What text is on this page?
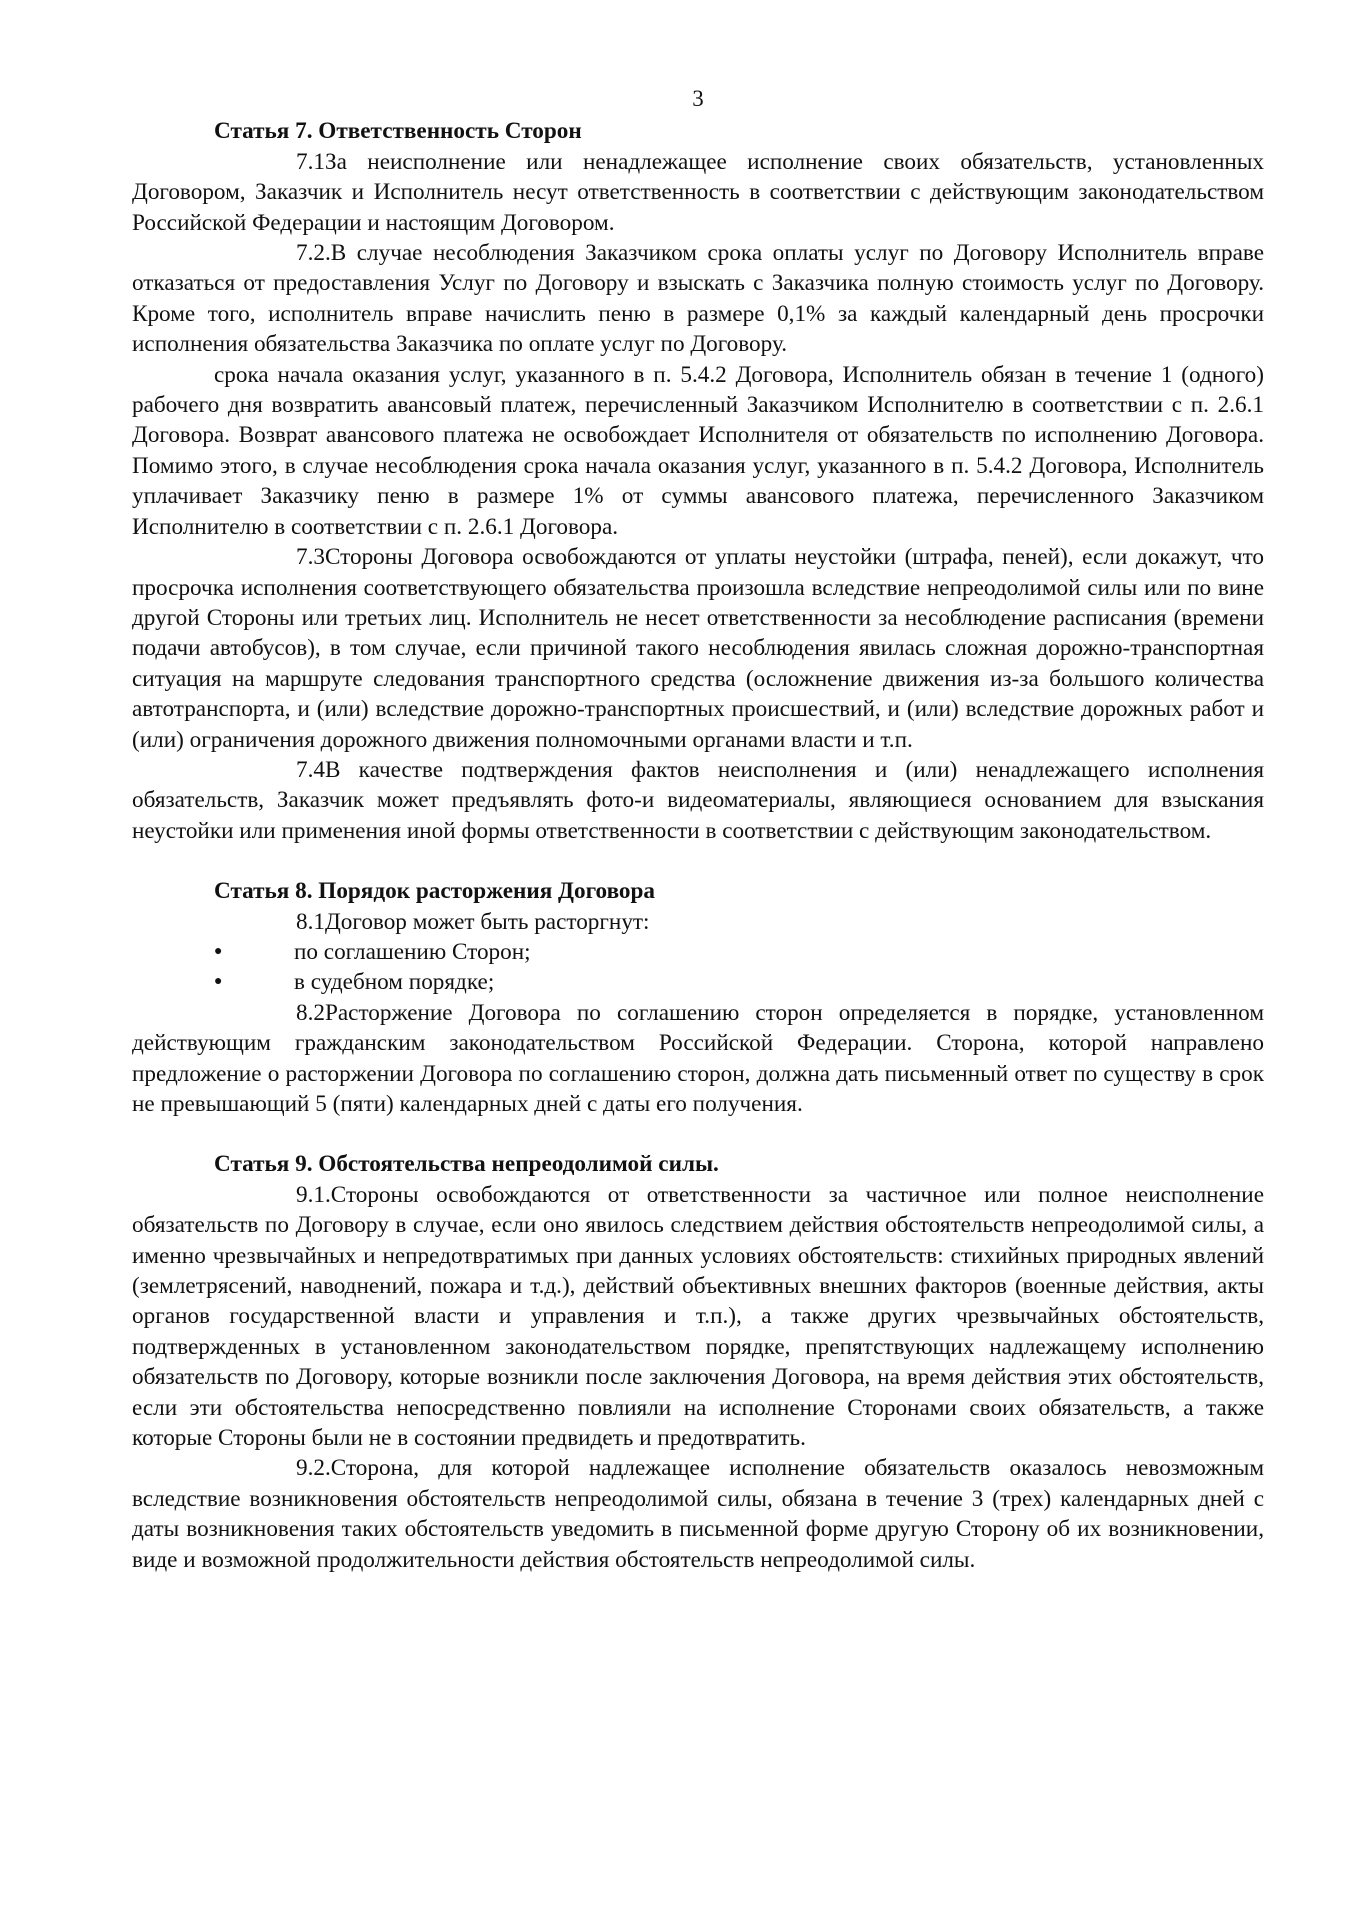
3

Статья 7. Ответственность Сторон

7.1За неисполнение или ненадлежащее исполнение своих обязательств, установленных Договором, Заказчик и Исполнитель несут ответственность в соответствии с действующим законодательством Российской Федерации и настоящим Договором.

7.2.В случае несоблюдения Заказчиком срока оплаты услуг по Договору Исполнитель вправе отказаться от предоставления Услуг по Договору и взыскать с Заказчика полную стоимость услуг по Договору. Кроме того, исполнитель вправе начислить пеню в размере 0,1% за каждый календарный день просрочки исполнения обязательства Заказчика по оплате услуг по Договору.

срока начала оказания услуг, указанного в п. 5.4.2 Договора, Исполнитель обязан в течение 1 (одного) рабочего дня возвратить авансовый платеж, перечисленный Заказчиком Исполнителю в соответствии с п. 2.6.1 Договора. Возврат авансового платежа не освобождает Исполнителя от обязательств по исполнению Договора. Помимо этого, в случае несоблюдения срока начала оказания услуг, указанного в п. 5.4.2 Договора, Исполнитель уплачивает Заказчику пеню в размере 1% от суммы авансового платежа, перечисленного Заказчиком Исполнителю в соответствии с п. 2.6.1 Договора.

7.3Стороны Договора освобождаются от уплаты неустойки (штрафа, пеней), если докажут, что просрочка исполнения соответствующего обязательства произошла вследствие непреодолимой силы или по вине другой Стороны или третьих лиц. Исполнитель не несет ответственности за несоблюдение расписания (времени подачи автобусов), в том случае, если причиной такого несоблюдения явилась сложная дорожно-транспортная ситуация на маршруте следования транспортного средства (осложнение движения из-за большого количества автотранспорта, и (или) вследствие дорожно-транспортных происшествий, и (или) вследствие дорожных работ и (или) ограничения дорожного движения полномочными органами власти и т.п.

7.4В качестве подтверждения фактов неисполнения и (или) ненадлежащего исполнения обязательств, Заказчик может предъявлять фото-и видеоматериалы, являющиеся основанием для взыскания неустойки или применения иной формы ответственности в соответствии с действующим законодательством.

Статья 8. Порядок расторжения Договора

8.1Договор может быть расторгнут:

●	по соглашению Сторон;
●	в судебном порядке;

8.2Расторжение Договора по соглашению сторон определяется в порядке, установленном действующим гражданским законодательством Российской Федерации. Сторона, которой направлено предложение о расторжении Договора по соглашению сторон, должна дать письменный ответ по существу в срок не превышающий 5 (пяти) календарных дней с даты его получения.

Статья 9. Обстоятельства непреодолимой силы.

9.1.Стороны освобождаются от ответственности за частичное или полное неисполнение обязательств по Договору в случае, если оно явилось следствием действия обстоятельств непреодолимой силы, а именно чрезвычайных и непредотвратимых при данных условиях обстоятельств: стихийных природных явлений (землетрясений, наводнений, пожара и т.д.), действий объективных внешних факторов (военные действия, акты органов государственной власти и управления и т.п.), а также других чрезвычайных обстоятельств, подтвержденных в установленном законодательством порядке, препятствующих надлежащему исполнению обязательств по Договору, которые возникли после заключения Договора, на время действия этих обстоятельств, если эти обстоятельства непосредственно повлияли на исполнение Сторонами своих обязательств, а также которые Стороны были не в состоянии предвидеть и предотвратить.

9.2.Сторона, для которой надлежащее исполнение обязательств оказалось невозможным вследствие возникновения обстоятельств непреодолимой силы, обязана в течение 3 (трех) календарных дней с даты возникновения таких обстоятельств уведомить в письменной форме другую Сторону об их возникновении, виде и возможной продолжительности действия обстоятельств непреодолимой силы.
